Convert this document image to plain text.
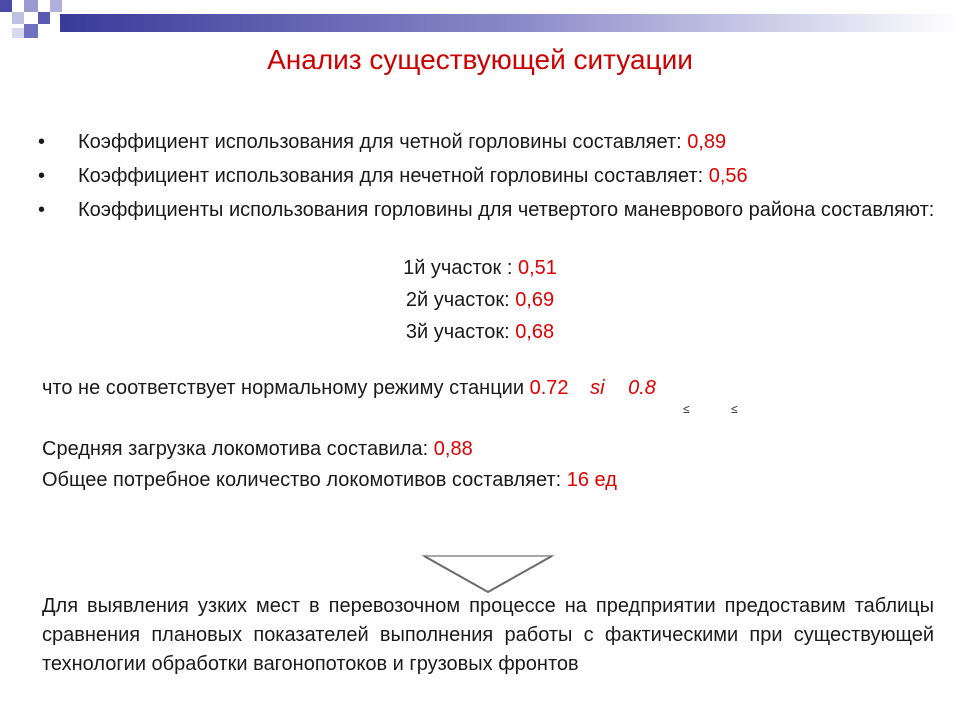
Анализ существующей ситуации
• Коэффициент использования для четной горловины составляет: 0,89
• Коэффициент использования для нечетной горловины составляет: 0,56
• Коэффициенты использования горловины для четвертого маневрового района составляют:
1й участок : 0,51
2й участок: 0,69
3й участок: 0,68
что не соответствует нормальному режиму станции 0.72 si 0.8
≤	≤
Средняя загрузка локомотива составила: 0,88
Общее потребное количество локомотивов составляет: 16 ед
Для выявления узких мест в перевозочном процессе на предприятии предоставим таблицы сравнения плановых показателей выполнения работы с фактическими при существующей технологии обработки вагонопотоков и грузовых фронтов
